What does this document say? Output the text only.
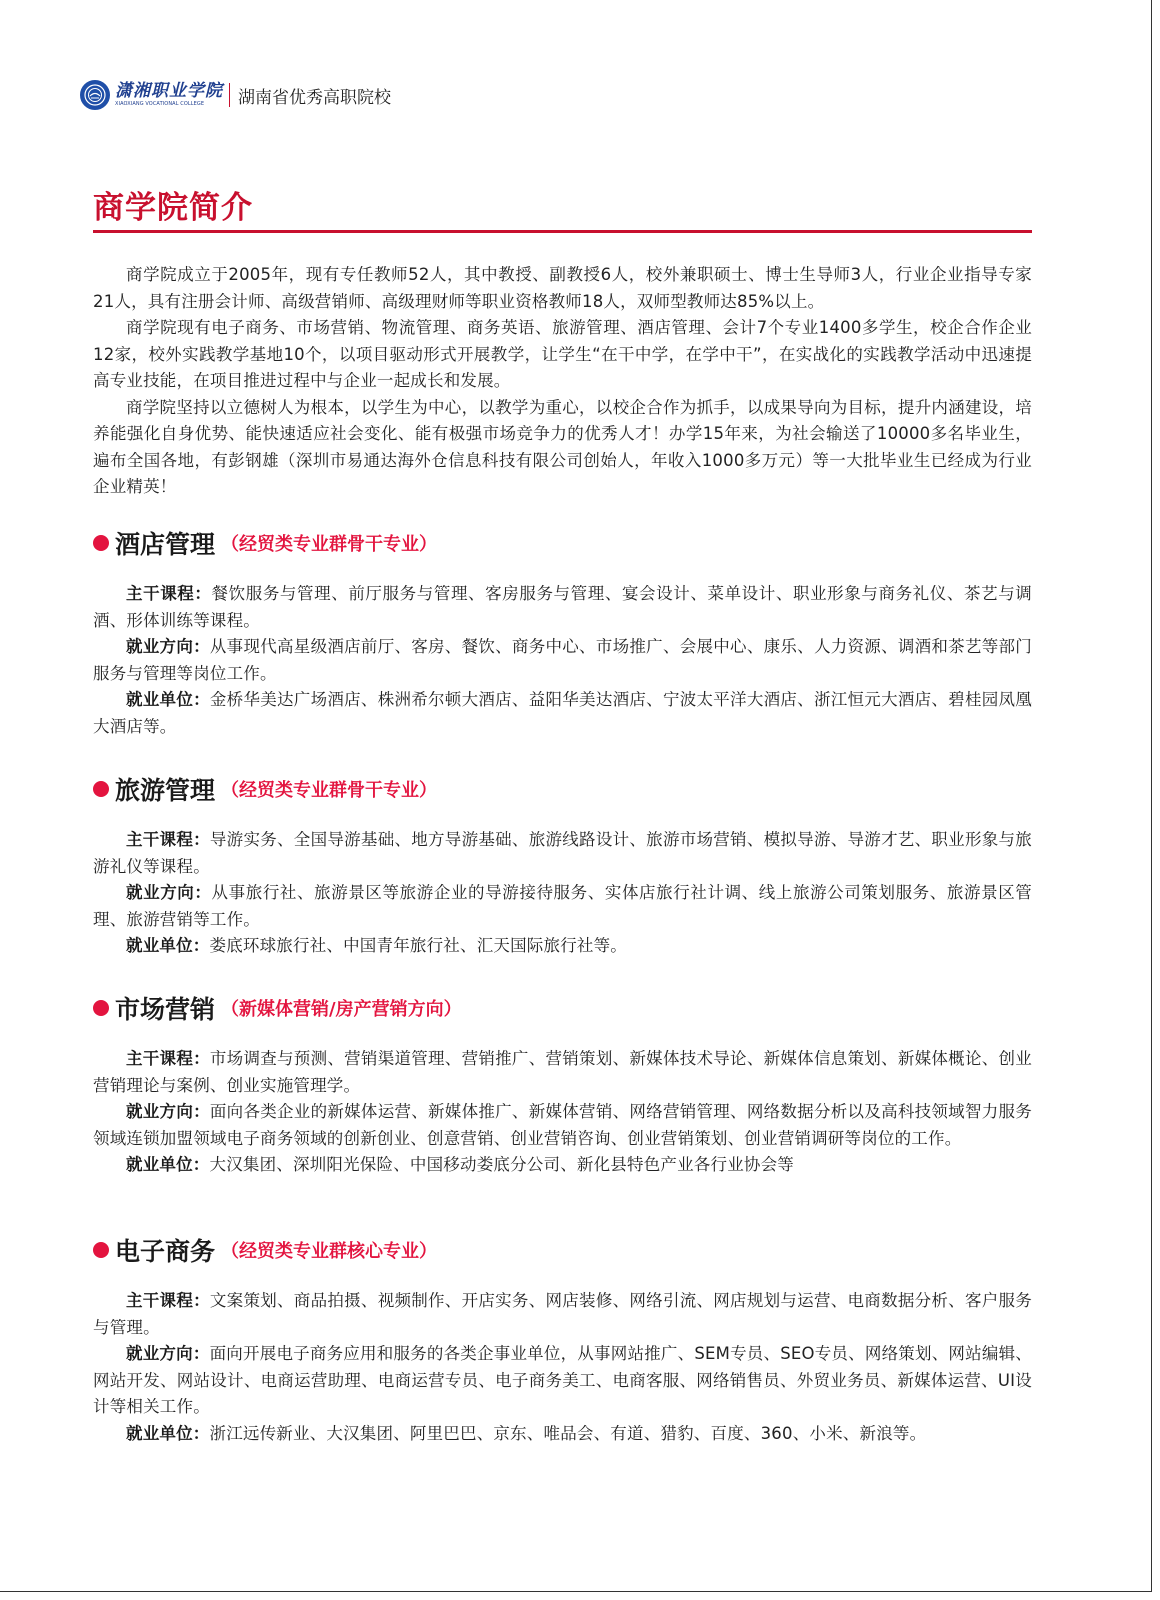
潇湘职业学院
XIAOXIANG VOCATIONAL COLLEGE	湖南省优秀高职院校
商学院简介

商学院成立于2005年，现有专任教师52人，其中教授、副教授6人，校外兼职硕士、博士生导师3人，行业企业指导专家21人，具有注册会计师、高级营销师、高级理财师等职业资格教师18人，双师型教师达85%以上。

商学院现有电子商务、市场营销、物流管理、商务英语、旅游管理、酒店管理、会计7个专业1400多学生，校企合作企业12家，校外实践教学基地10个，以项目驱动形式开展教学，让学生“在干中学，在学中干”，在实战化的实践教学活动中迅速提高专业技能，在项目推进过程中与企业一起成长和发展。

商学院坚持以立德树人为根本，以学生为中心，以教学为重心，以校企合作为抓手，以成果导向为目标，提升内涵建设，培养能强化自身优势、能快速适应社会变化、能有极强市场竞争力的优秀人才！办学15年来，为社会输送了10000多名毕业生，遍布全国各地，有彭钢雄（深圳市易通达海外仓信息科技有限公司创始人，年收入1000多万元）等一大批毕业生已经成为行业企业精英！

酒店管理 （经贸类专业群骨干专业）

主干课程：餐饮服务与管理、前厅服务与管理、客房服务与管理、宴会设计、菜单设计、职业形象与商务礼仪、茶艺与调酒、形体训练等课程。

就业方向：从事现代高星级酒店前厅、客房、餐饮、商务中心、市场推广、会展中心、康乐、人力资源、调酒和茶艺等部门服务与管理等岗位工作。

就业单位：金桥华美达广场酒店、株洲希尔顿大酒店、益阳华美达酒店、宁波太平洋大酒店、浙江恒元大酒店、碧桂园凤凰大酒店等。

旅游管理 （经贸类专业群骨干专业）

主干课程：导游实务、全国导游基础、地方导游基础、旅游线路设计、旅游市场营销、模拟导游、导游才艺、职业形象与旅游礼仪等课程。

就业方向：从事旅行社、旅游景区等旅游企业的导游接待服务、实体店旅行社计调、线上旅游公司策划服务、旅游景区管理、旅游营销等工作。

就业单位：娄底环球旅行社、中国青年旅行社、汇天国际旅行社等。

市场营销 （新媒体营销/房产营销方向）

主干课程：市场调查与预测、营销渠道管理、营销推广、营销策划、新媒体技术导论、新媒体信息策划、新媒体概论、创业营销理论与案例、创业实施管理学。

就业方向：面向各类企业的新媒体运营、新媒体推广、新媒体营销、网络营销管理、网络数据分析以及高科技领域智力服务领域连锁加盟领域电子商务领域的创新创业、创意营销、创业营销咨询、创业营销策划、创业营销调研等岗位的工作。

就业单位：大汉集团、深圳阳光保险、中国移动娄底分公司、新化县特色产业各行业协会等

电子商务 （经贸类专业群核心专业）

主干课程：文案策划、商品拍摄、视频制作、开店实务、网店装修、网络引流、网店规划与运营、电商数据分析、客户服务与管理。

就业方向：面向开展电子商务应用和服务的各类企事业单位，从事网站推广、SEM专员、SEO专员、网络策划、网站编辑、网站开发、网站设计、电商运营助理、电商运营专员、电子商务美工、电商客服、网络销售员、外贸业务员、新媒体运营、UI设计等相关工作。

就业单位：浙江远传新业、大汉集团、阿里巴巴、京东、唯品会、有道、猎豹、百度、360、小米、新浪等。
